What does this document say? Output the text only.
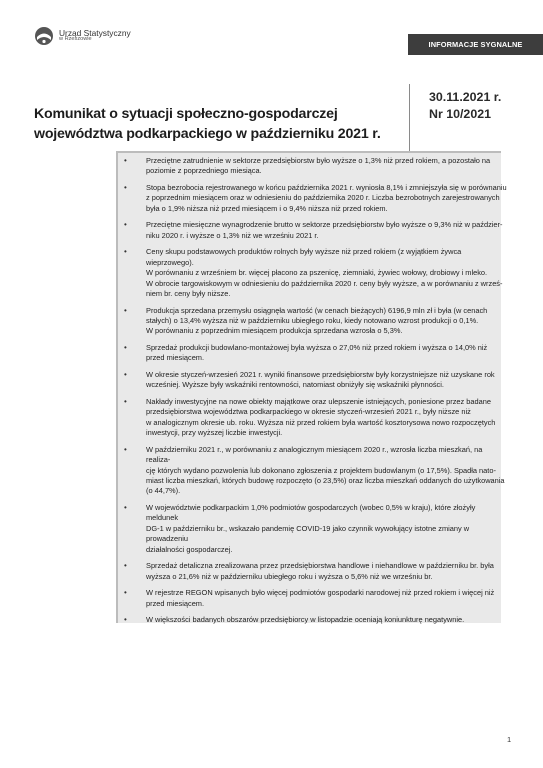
Urząd Statystyczny
w Rzeszowie
INFORMACJE SYGNALNE
Komunikat o sytuacji społeczno-gospodarczej
województwa podkarpackiego w październiku 2021 r.
30.11.2021 r.
Nr 10/2021
• Przeciętne zatrudnienie w sektorze przedsiębiorstw było wyższe o 1,3% niż przed rokiem, a pozostało na
poziomie z poprzedniego miesiąca.
• Stopa bezrobocia rejestrowanego w końcu października 2021 r. wyniosła 8,1% i zmniejszyła się w porównaniu
z poprzednim miesiącem oraz w odniesieniu do października 2020 r. Liczba bezrobotnych zarejestrowanych
była o 1,9% niższa niż przed miesiącem i o 9,4% niższa niż przed rokiem.
• Przeciętne miesięczne wynagrodzenie brutto w sektorze przedsiębiorstw było wyższe o 9,3% niż w paździer-
niku 2020 r. i wyższe o 1,3% niż we wrześniu 2021 r.
• Ceny skupu podstawowych produktów rolnych były wyższe niż przed rokiem (z wyjątkiem żywca wieprzowego).
W porównaniu z wrześniem br. więcej płacono za pszenicę, ziemniaki, żywiec wołowy, drobiowy i mleko.
W obrocie targowiskowym w odniesieniu do października 2020 r. ceny były wyższe, a w porównaniu z wrześ-
niem br. ceny były niższe.
• Produkcja sprzedana przemysłu osiągnęła wartość (w cenach bieżących) 6196,9 mln zł i była (w cenach
stałych) o 13,4% wyższa niż w październiku ubiegłego roku, kiedy notowano wzrost produkcji o 0,1%.
W porównaniu z poprzednim miesiącem produkcja sprzedana wzrosła o 5,3%.
• Sprzedaż produkcji budowlano-montażowej była wyższa o 27,0% niż przed rokiem i wyższa o 14,0% niż
przed miesiącem.
• W okresie styczeń-wrzesień 2021 r. wyniki finansowe przedsiębiorstw były korzystniejsze niż uzyskane rok
wcześniej. Wyższe były wskaźniki rentowności, natomiast obniżyły się wskaźniki płynności.
• Nakłady inwestycyjne na nowe obiekty majątkowe oraz ulepszenie istniejących, poniesione przez badane
przedsiębiorstwa województwa podkarpackiego w okresie styczeń-wrzesień 2021 r., były niższe niż
w analogicznym okresie ub. roku. Wyższa niż przed rokiem była wartość kosztorysowa nowo rozpoczętych
inwestycji, przy wyższej liczbie inwestycji.
• W październiku 2021 r., w porównaniu z analogicznym miesiącem 2020 r., wzrosła liczba mieszkań, na realiza-
cję których wydano pozwolenia lub dokonano zgłoszenia z projektem budowlanym (o 17,5%). Spadła nato-
miast liczba mieszkań, których budowę rozpoczęto (o 23,5%) oraz liczba mieszkań oddanych do użytkowania
(o 44,7%).
• W województwie podkarpackim 1,0% podmiotów gospodarczych (wobec 0,5% w kraju), które złożyły meldunek
DG-1 w październiku br., wskazało pandemię COVID-19 jako czynnik wywołujący istotne zmiany w prowadzeniu
działalności gospodarczej.
• Sprzedaż detaliczna zrealizowana przez przedsiębiorstwa handlowe i niehandlowe w październiku br. była
wyższa o 21,6% niż w październiku ubiegłego roku i wyższa o 5,6% niż we wrześniu br.
• W rejestrze REGON wpisanych było więcej podmiotów gospodarki narodowej niż przed rokiem i więcej niż
przed miesiącem.
• W większości badanych obszarów przedsiębiorcy w listopadzie oceniają koniunkturę negatywnie.
1
